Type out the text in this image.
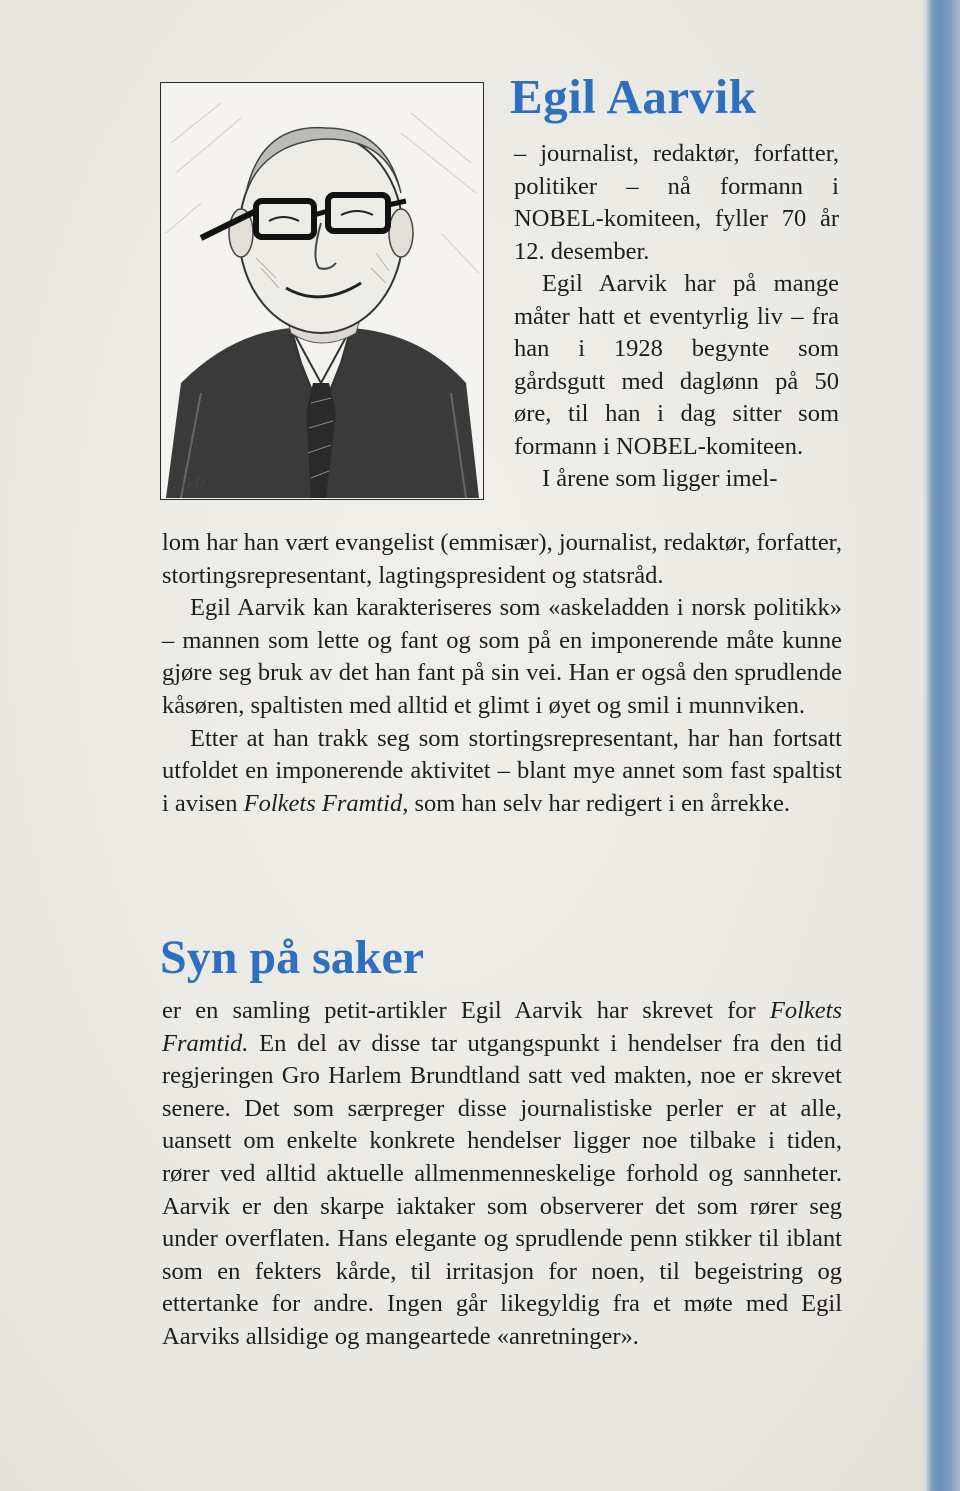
54/
Egil Aarvik

– journalist, redaktør, forfatter, politiker – nå formann i NOBEL-komiteen, fyller 70 år 12. desember.

Egil Aarvik har på mange måter hatt et eventyrlig liv – fra han i 1928 begynte som gårdsgutt med daglønn på 50 øre, til han i dag sitter som formann i NOBEL-komiteen.

I årene som ligger imel-

lom har han vært evangelist (emmisær), journalist, redaktør, forfatter, stortingsrepresentant, lagtingspresident og statsråd.

Egil Aarvik kan karakteriseres som «askeladden i norsk politikk» – mannen som lette og fant og som på en imponerende måte kunne gjøre seg bruk av det han fant på sin vei. Han er også den sprudlende kåsøren, spaltisten med alltid et glimt i øyet og smil i munnviken.

Etter at han trakk seg som stortingsrepresentant, har han fortsatt utfoldet en imponerende aktivitet – blant mye annet som fast spaltist i avisen Folkets Framtid, som han selv har redigert i en årrekke.

Syn på saker

er en samling petit-artikler Egil Aarvik har skrevet for Folkets Framtid. En del av disse tar utgangspunkt i hendelser fra den tid regjeringen Gro Harlem Brundtland satt ved makten, noe er skrevet senere. Det som særpreger disse journalistiske perler er at alle, uansett om enkelte konkrete hendelser ligger noe tilbake i tiden, rører ved alltid aktuelle allmenmenneskelige forhold og sannheter. Aarvik er den skarpe iaktaker som observerer det som rører seg under overflaten. Hans elegante og sprudlende penn stikker til iblant som en fekters kårde, til irritasjon for noen, til begeistring og ettertanke for andre. Ingen går likegyldig fra et møte med Egil Aarviks allsidige og mangeartede «anretninger».
